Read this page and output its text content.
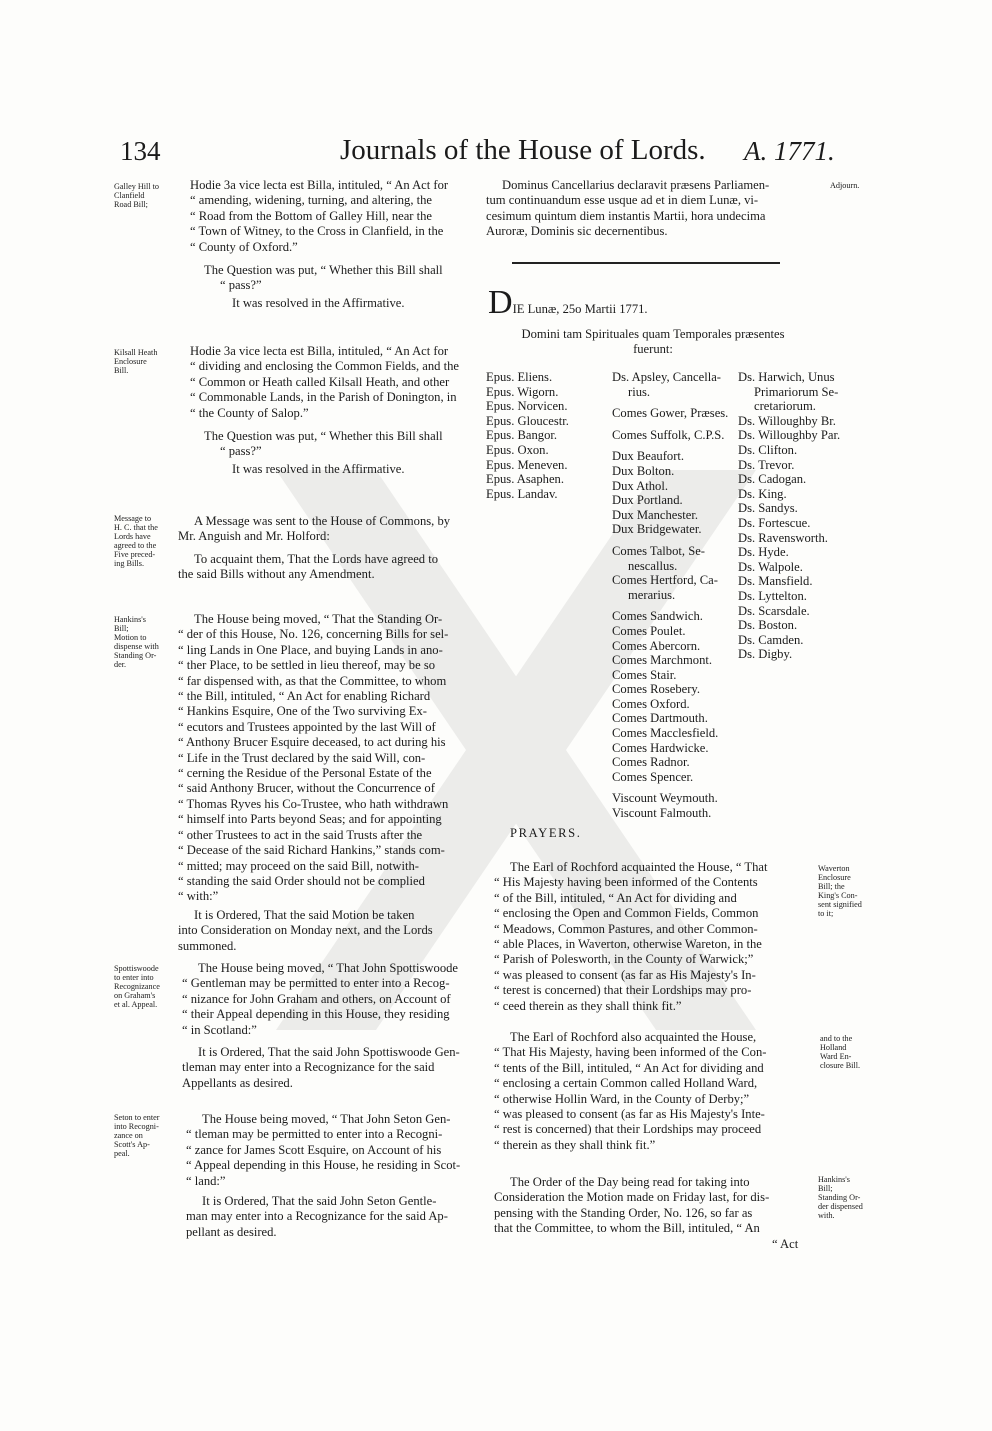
134	Journals of the House of Lords. A. 1771.
Galley Hill to
Clanfield
Road Bill;
Hodie 3a vice lecta est Billa, intituled, “ An Act for
“ amending, widening, turning, and altering, the
“ Road from the Bottom of Galley Hill, near the
“ Town of Witney, to the Cross in Clanfield, in the
“ County of Oxford.”
The Question was put, “ Whether this Bill shall
“ pass?”
It was resolved in the Affirmative.
Kilsall Heath
Enclosure
Bill.
Hodie 3a vice lecta est Billa, intituled, “ An Act for
“ dividing and enclosing the Common Fields, and the
“ Common or Heath called Kilsall Heath, and other
“ Commonable Lands, in the Parish of Donington, in
“ the County of Salop.”
The Question was put, “ Whether this Bill shall
“ pass?”
It was resolved in the Affirmative.
Message to
H. C. that the
Lords have
agreed to the
Five preced-
ing Bills.
A Message was sent to the House of Commons, by
Mr. Anguish and Mr. Holford:
To acquaint them, That the Lords have agreed to
the said Bills without any Amendment.
Hankins's
Bill;
Motion to
dispense with
Standing Or-
der.
The House being moved, “ That the Standing Or-
“ der of this House, No. 126, concerning Bills for sel-
“ ling Lands in One Place, and buying Lands in ano-
“ ther Place, to be settled in lieu thereof, may be so
“ far dispensed with, as that the Committee, to whom
“ the Bill, intituled, “ An Act for enabling Richard
“ Hankins Esquire, One of the Two surviving Ex-
“ ecutors and Trustees appointed by the last Will of
“ Anthony Brucer Esquire deceased, to act during his
“ Life in the Trust declared by the said Will, con-
“ cerning the Residue of the Personal Estate of the
“ said Anthony Brucer, without the Concurrence of
“ Thomas Ryves his Co-Trustee, who hath withdrawn
“ himself into Parts beyond Seas; and for appointing
“ other Trustees to act in the said Trusts after the
“ Decease of the said Richard Hankins,” stands com-
“ mitted; may proceed on the said Bill, notwith-
“ standing the said Order should not be complied
“ with:”
It is Ordered, That the said Motion be taken
into Consideration on Monday next, and the Lords
summoned.
Spottiswoode
to enter into
Recognizance
on Graham's
et al. Appeal.
The House being moved, “ That John Spottiswoode
“ Gentleman may be permitted to enter into a Recog-
“ nizance for John Graham and others, on Account of
“ their Appeal depending in this House, they residing
“ in Scotland:”
It is Ordered, That the said John Spottiswoode Gen-
tleman may enter into a Recognizance for the said
Appellants as desired.
Seton to enter
into Recogni-
zance on
Scott's Ap-
peal.
The House being moved, “ That John Seton Gen-
“ tleman may be permitted to enter into a Recogni-
“ zance for James Scott Esquire, on Account of his
“ Appeal depending in this House, he residing in Scot-
“ land:”
It is Ordered, That the said John Seton Gentle-
man may enter into a Recognizance for the said Ap-
pellant as desired.
Dominus Cancellarius declaravit præsens Parliamen-
tum continuandum esse usque ad et in diem Lunæ, vi-
cesimum quintum diem instantis Martii, hora undecima
Auroræ, Dominis sic decernentibus.
Adjourn.
DIE Lunæ, 25o Martii 1771.
Domini tam Spirituales quam Temporales præsentes
fuerunt:
Epus. Eliens.
Epus. Wigorn.
Epus. Norvicen.
Epus. Gloucestr.
Epus. Bangor.
Epus. Oxon.
Epus. Meneven.
Epus. Asaphen.
Epus. Landav.
Ds. Apsley, Cancella-
rius.
Comes Gower, Præses.
Comes Suffolk, C.P.S.
Dux Beaufort.
Dux Bolton.
Dux Athol.
Dux Portland.
Dux Manchester.
Dux Bridgewater.
Comes Talbot, Se-
nescallus.
Comes Hertford, Ca-
merarius.
Comes Sandwich.
Comes Poulet.
Comes Abercorn.
Comes Marchmont.
Comes Stair.
Comes Rosebery.
Comes Oxford.
Comes Dartmouth.
Comes Macclesfield.
Comes Hardwicke.
Comes Radnor.
Comes Spencer.
Viscount Weymouth.
Viscount Falmouth.
Ds. Harwich, Unus
Primariorum Se-
cretariorum.
Ds. Willoughby Br.
Ds. Willoughby Par.
Ds. Clifton.
Ds. Trevor.
Ds. Cadogan.
Ds. King.
Ds. Sandys.
Ds. Fortescue.
Ds. Ravensworth.
Ds. Hyde.
Ds. Walpole.
Ds. Mansfield.
Ds. Lyttelton.
Ds. Scarsdale.
Ds. Boston.
Ds. Camden.
Ds. Digby.
PRAYERS.
The Earl of Rochford acquainted the House, “ That
“ His Majesty having been informed of the Contents
“ of the Bill, intituled, “ An Act for dividing and
“ enclosing the Open and Common Fields, Common
“ Meadows, Common Pastures, and other Common-
“ able Places, in Waverton, otherwise Wareton, in the
“ Parish of Polesworth, in the County of Warwick;”
“ was pleased to consent (as far as His Majesty's In-
“ terest is concerned) that their Lordships may pro-
“ ceed therein as they shall think fit.”
Waverton
Enclosure
Bill; the
King's Con-
sent signified
to it;
The Earl of Rochford also acquainted the House,
“ That His Majesty, having been informed of the Con-
“ tents of the Bill, intituled, “ An Act for dividing and
“ enclosing a certain Common called Holland Ward,
“ otherwise Hollin Ward, in the County of Derby;”
“ was pleased to consent (as far as His Majesty's Inte-
“ rest is concerned) that their Lordships may proceed
“ therein as they shall think fit.”
and to the
Holland
Ward En-
closure Bill.
The Order of the Day being read for taking into
Consideration the Motion made on Friday last, for dis-
pensing with the Standing Order, No. 126, so far as
that the Committee, to whom the Bill, intituled, “ An
“ Act
Hankins's
Bill;
Standing Or-
der dispensed
with.
